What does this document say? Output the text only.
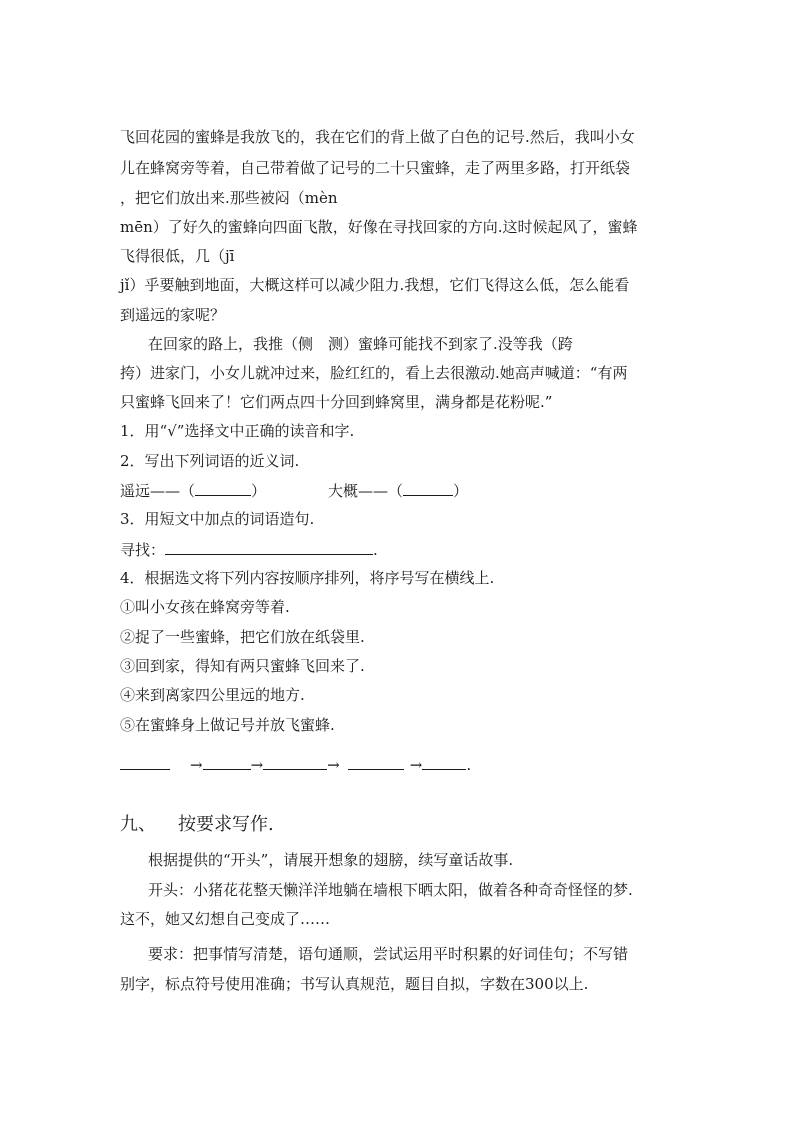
飞回花园的蜜蜂是我放飞的，我在它们的背上做了白色的记号.然后，我叫小女
儿在蜂窝旁等着，自己带着做了记号的二十只蜜蜂，走了两里多路，打开纸袋
，把它们放出来.那些被闷（mèn
mēn）了好久的蜜蜂向四面飞散，好像在寻找回家的方向.这时候起风了，蜜蜂
飞得很低，几（jī
jǐ）乎要触到地面，大概这样可以减少阻力.我想，它们飞得这么低，怎么能看
到遥远的家呢？
在回家的路上，我推（侧　测）蜜蜂可能找不到家了.没等我（跨
挎）进家门，小女儿就冲过来，脸红红的，看上去很激动.她高声喊道：“有两
只蜜蜂飞回来了！它们两点四十分回到蜂窝里，满身都是花粉呢.”
1．用“√”选择文中正确的读音和字.
2．写出下列词语的近义词.
遥远——（	）	大概——（	）
3．用短文中加点的词语造句.
寻找：	.
4．根据选文将下列内容按顺序排列，将序号写在横线上.
①叫小女孩在蜂窝旁等着.
②捉了一些蜜蜂，把它们放在纸袋里.
③回到家，得知有两只蜜蜂飞回来了.
④来到离家四公里远的地方.
⑤在蜜蜂身上做记号并放飞蜜蜂.
→	→	→	→	.
九、 按要求写作.
根据提供的“开头”，请展开想象的翅膀，续写童话故事.
开头：小猪花花整天懒洋洋地躺在墙根下晒太阳，做着各种奇奇怪怪的梦.
这不，她又幻想自己变成了……
要求：把事情写清楚，语句通顺，尝试运用平时积累的好词佳句；不写错
别字，标点符号使用准确；书写认真规范，题目自拟，字数在300以上.
